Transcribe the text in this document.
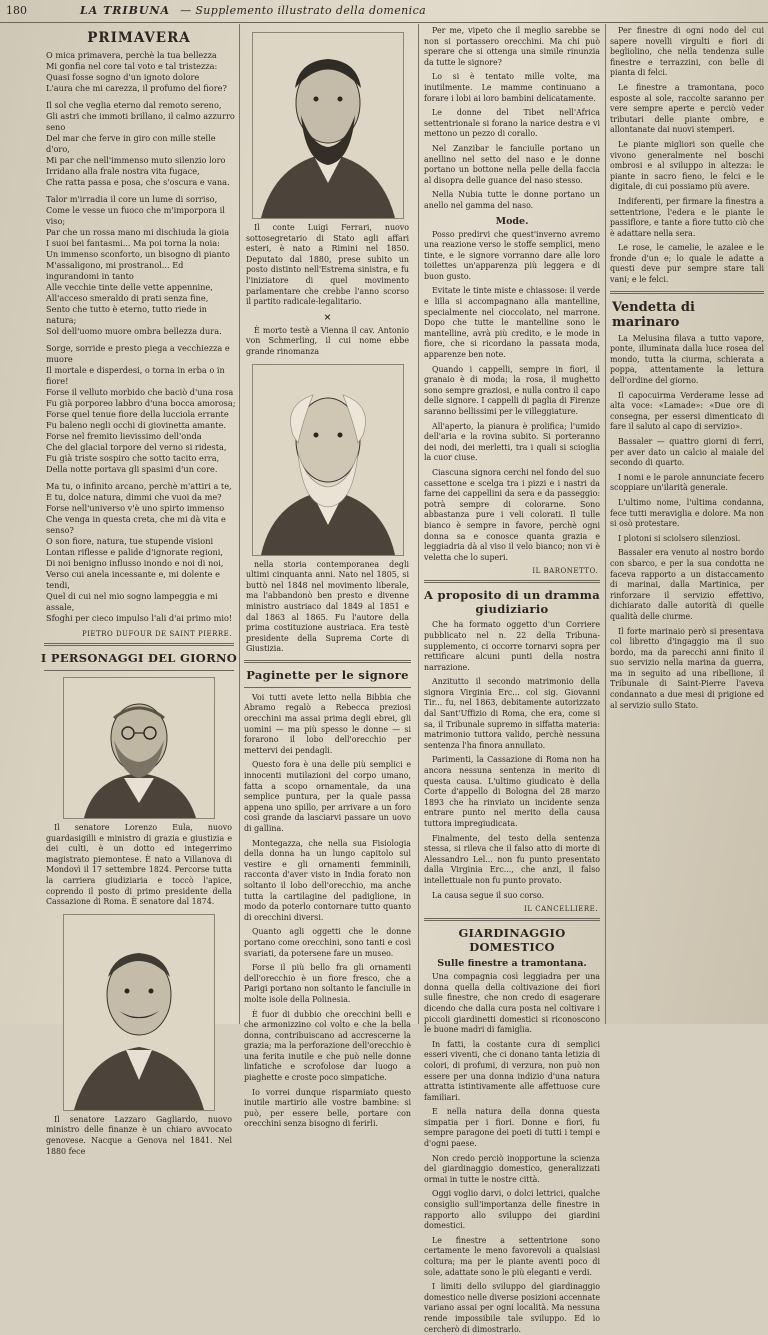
180	LA TRIBUNA — Supplemento illustrato della domenica
PRIMAVERA

O mica primavera, perchè la tua bellezza
Mi gonfia nel core tal voto e tal tristezza:
Quasi fosse sogno d'un ignoto dolore
L'aura che mi carezza, il profumo del fiore?

Il sol che veglia eterno dal remoto sereno,
Gli astri che immoti brillano, il calmo azzurro seno
Del mar che ferve in giro con mille stelle d'oro,
Mi par che nell'immenso muto silenzio loro
Irridano alla frale nostra vita fugace,
Che ratta passa e posa, che s'oscura e vana.

Talor m'irradia il core un lume di sorriso,
Come le vesse un fuoco che m'imporpora il viso;
Par che un rossa mano mi dischiuda la gioia
I suoi bei fantasmi... Ma poi torna la noia:
Un immenso sconforto, un bisogno di pianto
M'assaligono, mi prostranol... Ed ingurandomi in tanto
Alle vecchie tinte delle vette appennine,
All'acceso smeraldo di prati senza fine,
Sento che tutto è eterno, tutto riede in natura;
Sol dell'uomo muore ombra bellezza dura.

Sorge, sorride e presto piega a vecchiezza e muore
Il mortale e disperdesi, o torna in erba o in fiore!
Forse il velluto morbido che baciò d'una rosa
Fu già porporeo labbro d'una bocca amorosa;
Forse quel tenue fiore della lucciola errante
Fu baleno negli occhi di giovinetta amante.
Forse nel fremito lievissimo dell'onda
Che del glacial torpore del verno si ridesta,
Fu già triste sospiro che sotto tacito erra,
Della notte portava gli spasimi d'un core.

Ma tu, o infinito arcano, perchè m'attiri a te,
E tu, dolce natura, dimmi che vuoi da me?
Forse nell'universo v'è uno spirto immenso
Che venga in questa creta, che mi dà vita e senso?
O son fiore, natura, tue stupende visioni
Lontan riflesse e palide d'ignorate regioni,
Di noi benigno influsso inondo e noi di noi,
Verso cui anela incessante e, mi dolente e tendi,
Quel di cui nel mio sogno lampeggia e mi assale,
Sfoghi per cieco impulso l'ali d'ai primo mio!

PIETRO DUFOUR DE SAINT PIERRE.
I PERSONAGGI DEL GIORNO

Il senatore Lorenzo Eula, nuovo guardasigilli e ministro di grazia e giustizia e dei culti, è un dotto ed integerrimo magistrato piemontese. È nato a Villanova di Mondovì il 17 settembre 1824. Percorse tutta la carriera giudiziaria e toccò l'apice, coprendo il posto di primo presidente della Cassazione di Roma. È senatore dal 1874.

Il senatore Lazzaro Gagliardo, nuovo ministro delle finanze è un chiaro avvocato genovese. Nacque a Genova nel 1841. Nel 1880 fece

Il conte Luigi Ferrari, nuovo sottosegretario di Stato agli affari esteri, è nato a Rimini nel 1850. Deputato dal 1880, prese subito un posto distinto nell'Estrema sinistra, e fu l'iniziatore di quel movimento parlamentare che crebbe l'anno scorso il partito radicale-legalitario.

×

È morto testè a Vienna il cav. Antonio von Schmerling, il cui nome ebbe grande rinomanza

nella storia contemporanea degli ultimi cinquanta anni. Nato nel 1805, si buttò nel 1848 nel movimento liberale, ma l'abbandonò ben presto e divenne ministro austriaco dal 1849 al 1851 e dal 1863 al 1865. Fu l'autore della prima costituzione austriaca. Era testè presidente della Suprema Corte di Giustizia.

Paginette per le signore

Voi tutti avete letto nella Bibbia che Abramo regalò a Rebecca preziosi orecchini ma assai prima degli ebrei, gli uomini — ma più spesso le donne — si forarono il lobo dell'orecchio per mettervi dei pendagli.

Questo fora è una delle più semplici e innocenti mutilazioni del corpo umano, fatta a scopo ornamentale, da una semplice puntura, per la quale passa appena uno spillo, per arrivare a un foro così grande da lasciarvi passare un uovo di gallina.

Montegazza, che nella sua Fisiologia della donna ha un lungo capitolo sul vestire e gli ornamenti femminili, racconta d'aver visto in India forato non soltanto il lobo dell'orecchio, ma anche tutta la cartilagine del padiglione, in modo da poterlo contornare tutto quanto di orecchini diversi.

Quanto agli oggetti che le donne portano come orecchini, sono tanti e così svariati, da potersene fare un museo.

Forse il più bello fra gli ornamenti dell'orecchio è un fiore fresco, che a Parigi portano non soltanto le fanciulle in molte isole della Polinesia.

È fuor di dubbio che orecchini belli e che armonizzino col volto e che la bella donna, contribuiscano ad accrescerne la grazia; ma la perforazione dell'orecchio è una ferita inutile e che può nelle donne linfatiche e scrofolose dar luogo a piaghette e croste poco simpatiche.

Io vorrei dunque risparmiato questo inutile martirio alle vostre bambine: si può, per essere belle, portare con orecchini senza bisogno di ferirli.

Per me, vipeto che il meglio sarebbe se non si portassero orecchini. Ma chi può sperare che si ottenga una simile rinunzia da tutte le signore?

Lo si è tentato mille volte, ma inutilmente. Le mamme continuano a forare i lobi ai loro bambini delicatamente.

Le donne del Tibet nell'Africa settentrionale si forano la narice destra e vi mettono un pezzo di corallo.

Nel Zanzibar le fanciulle portano un anellino nel setto del naso e le donne portano un bottone nella pelle della faccia al disopra delle guance del naso stesso.

Nella Nubia tutte le donne portano un anello nel gamma del naso.

Mode.

Posso predirvi che quest'inverno avremo una reazione verso le stoffe semplici, meno tinte, e le signore vorranno dare alle loro toilettes un'apparenza più leggera e di buon gusto.

Evitate le tinte miste e chiassose: il verde e lilla si accompagnano alla mantelline, specialmente nel cioccolato, nel marrone. Dopo che tutte le mantelline sono le mantelline, avrà più credito, e le mode in fiore, che si ricordano la passata moda, apparenze ben note.

Quando i cappelli, sempre in fiori, il granaio è di moda; la rosa, il mughetto sono sempre graziosi, e nulla contro il capo delle signore. I cappelli di paglia di Firenze saranno bellissimi per le villeggiature.

All'aperto, la pianura è prolifica; l'umido dell'aria e la rovina subito. Si porteranno dei nodi, dei merletti, tra i quali si scioglia la cuor ciuse.

Ciascuna signora cerchi nel fondo del suo cassettone e scelga tra i pizzi e i nastri da farne dei cappellini da sera e da passeggio: potrà sempre di colorarne. Sono abbastanza pure i veli colorati. Il tulle bianco è sempre in favore, perchè ogni donna sa e conosce quanta grazia e leggiadria dà al viso il velo bianco; non vi è veletta che lo superi.

IL BARONETTO.
A proposito di un dramma giudiziario

Che ha formato oggetto d'un Corriere pubblicato nel n. 22 della Tribuna-supplemento, ci occorre tornarvi sopra per rettificare alcuni punti della nostra narrazione.

Anzitutto il secondo matrimonio della signora Virginia Erc... col sig. Giovanni Tir... fu, nel 1863, debitamente autorizzato dal Sant'Uffizio di Roma, che era, come si sa, il Tribunale supremo in siffatta materia: matrimonio tuttora valido, perchè nessuna sentenza l'ha finora annullato.

Parimenti, la Cassazione di Roma non ha ancora nessuna sentenza in merito di questa causa. L'ultimo giudicato è della Corte d'appello di Bologna del 28 marzo 1893 che ha rinviato un incidente senza entrare punto nel merito della causa tuttora impregiudicata.

Finalmente, del testo della sentenza stessa, si rileva che il falso atto di morte di Alessandro Lel... non fu punto presentato dalla Virginia Erc..., che anzi, il falso intellettuale non fu punto provato.

La causa segue il suo corso.

IL CANCELLIERE.
GIARDINAGGIO DOMESTICO
Sulle finestre a tramontana.

Una compagnia così leggiadra per una donna quella della coltivazione dei fiori sulle finestre, che non credo di esagerare dicendo che dalla cura posta nel coltivare i piccoli giardinetti domestici si riconoscono le buone madri di famiglia.

In fatti, la costante cura di semplici esseri viventi, che ci donano tanta letizia di colori, di profumi, di verzura, non può non essere per una donna indizio d'una natura attratta istintivamente alle affettuose cure familiari.

E nella natura della donna questa simpatia per i fiori. Donne e fiori, fu sempre paragone dei poeti di tutti i tempi e d'ogni paese.

Non credo perciò inopportune la scienza del giardinaggio domestico, generalizzati ormai in tutte le nostre città.

Oggi voglio darvi, o dolci lettrici, qualche consiglio sull'importanza delle finestre in rapporto allo sviluppo dei giardini domestici.

Le finestre a settentrione sono certamente le meno favorevoli a qualsiasi coltura; ma per le piante aventi poco di sole, adattate sono le più eleganti e verdi.

I limiti dello sviluppo del giardinaggio domestico nelle diverse posizioni accennate variano assai per ogni località. Ma nessuna rende impossibile tale sviluppo. Ed io cercherò di dimostrarlo.

Per finestre di ogni nodo del cui sapere novelli virgulti e fiori di begliolino, che nella tendenza sulle finestre e terrazzini, con belle di pianta di felci.

Le finestre a tramontana, poco esposte al sole, raccolte saranno per vere sempre aperte e perciò veder tributari delle piante ombre, e allontanate dai nuovi stemperi.

Le piante migliori son quelle che vivono generalmente nel boschi ombrosi e al sviluppo in altezza: le piante in sacro fieno, le felci e le digitale, di cui possiamo più avere.

Indiferenti, per firmare la finestra a settentrione, l'edera e le piante le passiflore, e tante a fiore tutto ciò che è adattare nella sera.

Le rose, le camelie, le azalee e le fronde d'un e; lo quale le adatte a questi deve pur sempre stare tali vani; e le felci.

Vendetta di marinaro

La Melusina filava a tutto vapore, ponte, illuminata dalla luce rosea del mondo, tutta la ciurma, schierata a poppa, attentamente la lettura dell'ordine del giorno.

Il capocuirma Verderame lesse ad alta voce: «Lamade»: «Due ore di consegna, per essersi dimenticato di fare il saluto al capo di servizio».

Bassaler — quattro giorni di ferri, per aver dato un calcio al maiale del secondo di quarto.

I nomi e le parole annunciate fecero scoppiare un'ilarità generale.

L'ultimo nome, l'ultima condanna, fece tutti meraviglia e dolore. Ma non si osò protestare.

I plotoni si sciolsero silenziosi.

Bassaler era venuto al nostro bordo con sbarco, e per la sua condotta ne faceva rapporto a un distaccamento di marinai, dalla Martinica, per rinforzare il servizio effettivo, dichiarato dalle autorità di quelle qualità delle ciurme.

Il forte marinaio però si presentava col libretto d'ingaggio ma il suo bordo, ma da parecchi anni finito il suo servizio nella marina da guerra, ma in seguito ad una ribellione, il Tribunale di Saint-Pierre l'aveva condannato a due mesi di prigione ed al servizio sullo Stato.
